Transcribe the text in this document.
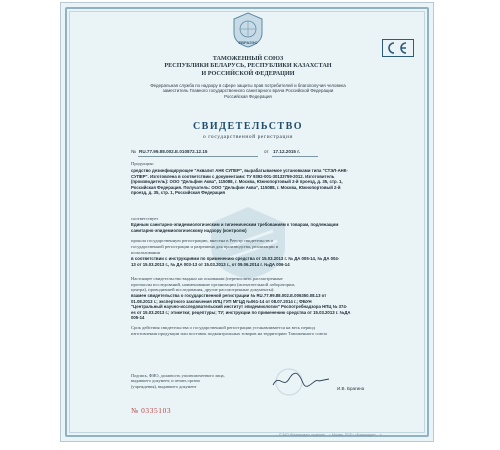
ЕВРАЗЭС
ТАМОЖЕННЫЙ СОЮЗ
РЕСПУБЛИКИ БЕЛАРУСЬ, РЕСПУБЛИКИ КАЗАХСТАН
И РОССИЙСКОЙ ФЕДЕРАЦИИ
Федеральная служба по надзору в сфере защиты прав потребителей и благополучия человека
заместитель Главного государственного санитарного врача Российской Федерации
Российская Федерация
СВИДЕТЕЛЬСТВО
о государственной регистрации
№ RU.77.99.88.002.E.010872.12.15	от 17.12.2015 г.
Продукция:
средство дезинфицирующее "Аквалит АНК СУПЕР", вырабатываемое установками типа "СТЭЛ-АНК-
СУПЕР". Изготовлена в соответствии с документами: ТУ 9392-001-30133759-2012. Изготовитель
(производитель): ООО "Дельфин Аква", 115088, г. Москва, Южнопортовый 2-й проезд, д. 35, стр. 1,
Российская Федерация. Получатель: ООО "Дельфин Аква", 115088, г. Москва, Южнопортовый 2-й
проезд, д. 35, стр. 1, Российская Федерация
соответствует
Единым санитарно-эпидемиологическим и гигиеническим требованиям к товарам, подлежащим
санитарно-эпидемиологическому надзору (контролю)
прошла государственную регистрацию, внесена в Реестр свидетельств о
государственной регистрации и разрешена для производства, реализации и
использования
в соответствии с инструкциями по применению средства от 15.03.2013 г. № ДА 005-14, № ДА 004-
13 от 15.03.2013 г., № ДА 003-13 от 15.03.2013 г., от 09.06.2014 г. №ДА 006-14
Настоящее свидетельство выдано на основании (перечислить рассмотренные
протоколы исследований, наименование организации (испытательной лаборатории,
центра), проводившей исследования, другие рассмотренные документы):
взамен свидетельства о государственной регистрации № RU.77.99.88.002.E.006350.08.13 от
01.08.2013 г.; экспертного заключения ИЛЦ ГУП МГЦД №061-14 от 08.07.2014 г.; ФБУН
"Центральный научно-исследовательский институт эпидемиологии" Роспотребнадзора НПЦ № 374-
es от 15.03.2013 г.; этикетки; рецептуры; ТУ; инструкции по применению средства от 15.03.2013 г. №ДА
005-14
Срок действия свидетельства о государственной регистрации устанавливается на весь период
изготовления продукции или поставок подконтрольных товаров на территорию Таможенного союза
Подпись, ФИО, должность уполномоченного лица,
выдавшего документ, и печать органа
(учреждения), выдавшего документ	И.В. Брагина
№ 0335103
© ЗАО «Бланкиздат» лицензия ... г. Москва, 2015 г. «Бланкиздат» ... т. ...
